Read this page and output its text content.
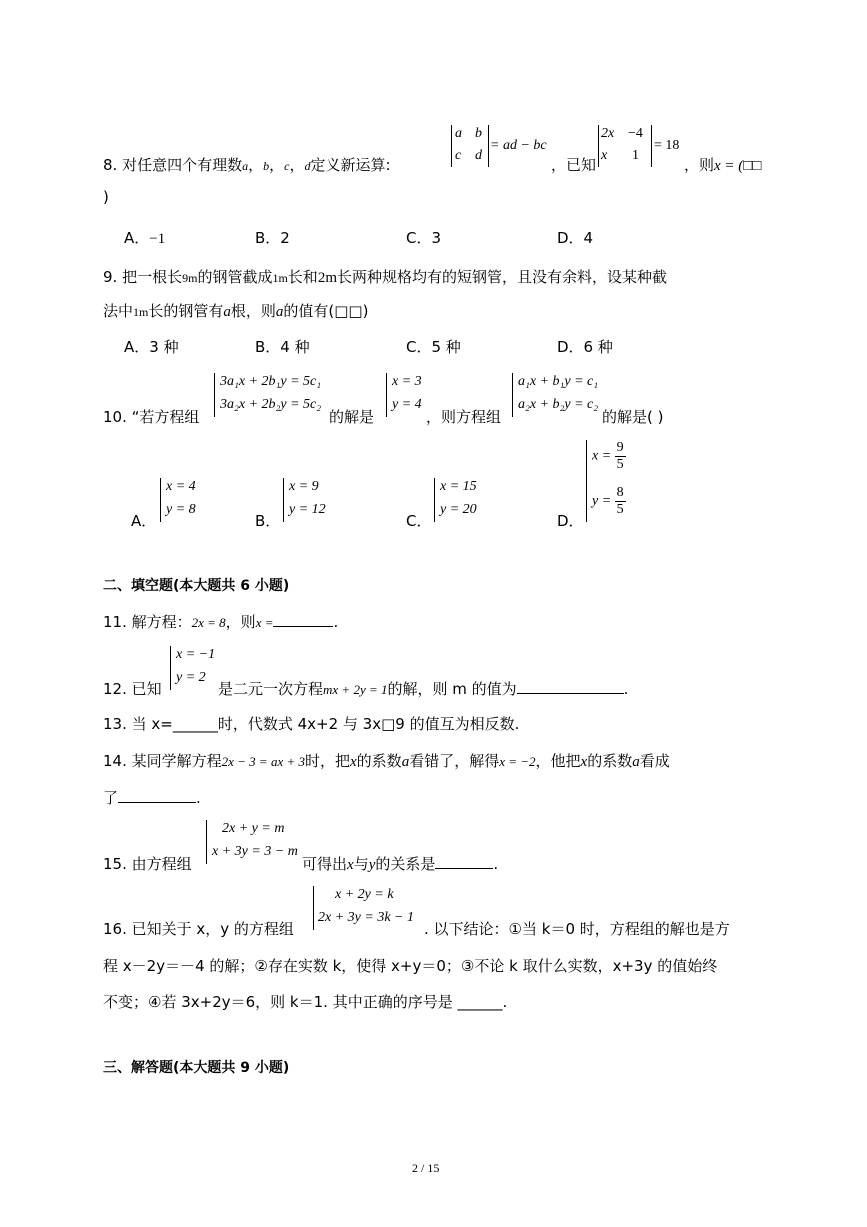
8. 对任意四个有理数a，b，c，d定义新运算:
a b
c d
= ad − bc
，已知
2x −4
x 1
= 18
，则x = (□□
)
A．−1	B．2	C．3	D．4
9. 把一根长9m的钢管截成1m长和2m长两种规格均有的短钢管，且没有余料，设某种截
法中1m长的钢管有a根，则a的值有(□□)
A．3 种	B．4 种	C．5 种	D．6 种
10. “若方程组
3a₁x + 2b₁y = 5c₁
3a₂x + 2b₂y = 5c₂
的解是
x = 3
y = 4
，则方程组
a₁x + b₁y = c₁
a₂x + b₂y = c₂
的解是( )
A．
x = 4
y = 8
B．
x = 9
y = 12
C．
x = 15
y = 20
D．
$x = \frac{9}{5}$
$y = \frac{8}{5}$
二、填空题(本大题共 6 小题)
11. 解方程：2x = 8，则x =	.
12. 已知
x = −1
y = 2
是二元一次方程mx + 2y = 1的解，则 m 的值为	.
13. 当 x=______时，代数式 4x+2 与 3x□9 的值互为相反数.
14. 某同学解方程2x − 3 = ax + 3时，把x的系数a看错了，解得x = −2，他把x的系数a看成
了	.
15. 由方程组
2x + y = m
x + 3y = 3 − m
可得出x与y的关系是	.
16. 已知关于 x，y 的方程组
x + 2y = k
2x + 3y = 3k − 1
. 以下结论：①当 k＝0 时，方程组的解也是方
程 x－2y＝－4 的解；②存在实数 k，使得 x+y＝0；③不论 k 取什么实数，x+3y 的值始终
不变；④若 3x+2y＝6，则 k＝1. 其中正确的序号是 ______.
三、解答题(本大题共 9 小题)
2 / 15
